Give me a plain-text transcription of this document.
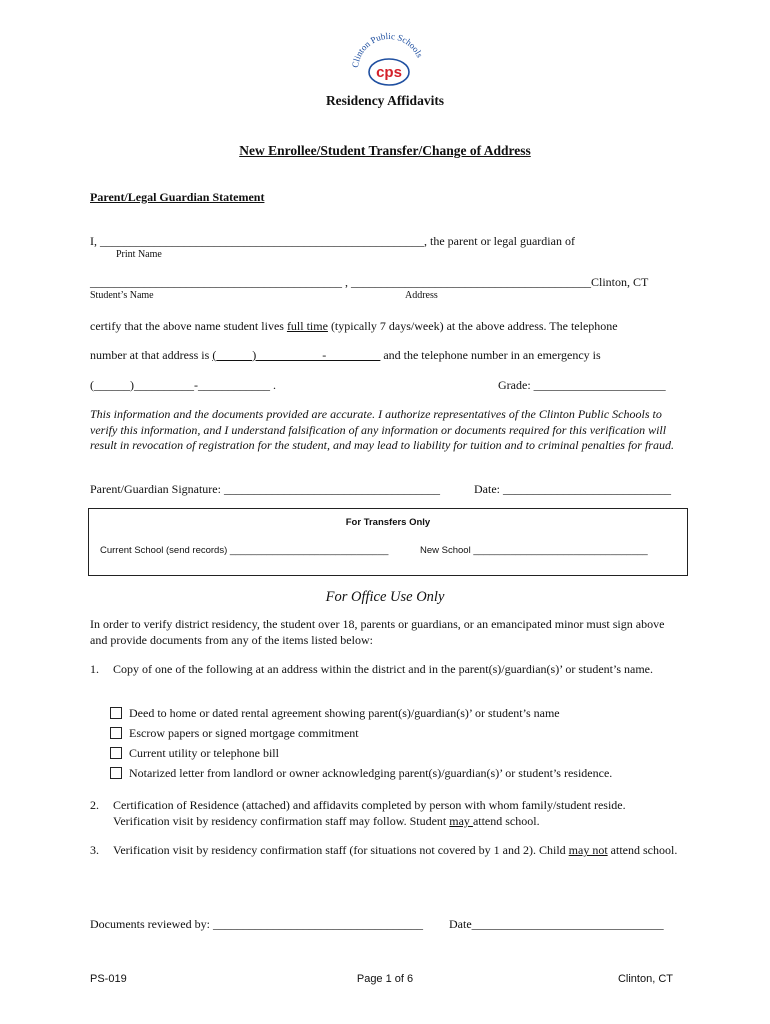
Clinton Public Schools
cps
Residency Affidavits
New Enrollee/Student Transfer/Change of Address
Parent/Legal Guardian Statement
I, ______________________________________________________, the parent or legal guardian of
Print Name
__________________________________________ , ________________________________________Clinton, CT
Student’s Name	Address
certify that the above name student lives full time (typically 7 days/week) at the above address. The telephone
number at that address is (______)___________-_________ and the telephone number in an emergency is
(______)__________-____________ .	Grade: ______________________
This information and the documents provided are accurate. I authorize representatives of the Clinton Public Schools to verify this information, and I understand falsification of any information or documents required for this verification will result in revocation of registration for the student, and may lead to liability for tuition and to criminal penalties for fraud.
Parent/Guardian Signature: ____________________________________	Date: ____________________________
For Transfers Only
Current School (send records) ______________________________	New School _________________________________
For Office Use Only
In order to verify district residency, the student over 18, parents or guardians, or an emancipated minor must sign above and provide documents from any of the items listed below:
1. Copy of one of the following at an address within the district and in the parent(s)/guardian(s)’ or student’s name.
Deed to home or dated rental agreement showing parent(s)/guardian(s)’ or student’s name
Escrow papers or signed mortgage commitment
Current utility or telephone bill
Notarized letter from landlord or owner acknowledging parent(s)/guardian(s)’ or student’s residence.
2. Certification of Residence (attached) and affidavits completed by person with whom family/student reside.
Verification visit by residency confirmation staff may follow. Student may attend school.
3. Verification visit by residency confirmation staff (for situations not covered by 1 and 2). Child may not attend school.
Documents reviewed by: ___________________________________ Date________________________________
PS-019	Page 1 of 6	Clinton, CT
